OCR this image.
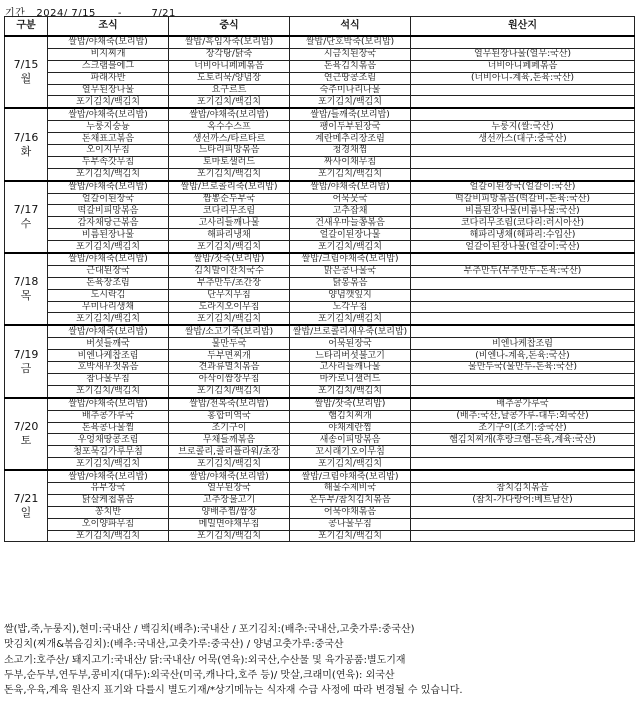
기간 2024/ 7/15 -	7/21
구분	조식	중식	석식	원산지

7/15
월	쌀밥/야채죽(보리밥)	쌀밥/흑임자죽(보리밥)	쌀밥/단호박죽(보리밥)	
	비지찌개	장각탕/닭죽	시금치된장국	열무된장나물(열무:국산)
	스크램블에그	너비아니페페볶음	돈육김치볶음	너비아니페페볶음
	파래자반	도토리묵/양념장	연근땅콩조림	(너비아니-계육,돈육:국산)
	열무된장나물	요구르트	숙주미나리나물	
	포기김치/백김치	포기김치/백김치	포기김치/백김치	

7/16
화	쌀밥/야채죽(보리밥)	쌀밥/야채죽(보리밥)	쌀밥/들깨죽(보리밥)	
	누룽지숭늉	옥수수스프	팽이두부된장국	누룽지(쌀:국산)
	돈채표고볶음	생선까스/타르타르	계란메추리장조림	생선까스(대구:중국산)
	오이지무침	느타리피망볶음	청경채찜	
	두부속갓무침	토마토샐러드	짜사이채무침	
	포기김치/백김치	포기김치/백김치	포기김치/백김치	

7/17
수	쌀밥/야채죽(보리밥)	쌀밥/브로콜리죽(보리밥)	쌀밥/야채죽(보리밥)	얼갈이된장국(얼갈이:국산)
	얼갈이된장국	짬뽕순두부국	어묵뭇국	떡갈비피망볶음(떡갈비-돈육:국산)
	떡갈비피망볶음	코다리무조림	고추잡채	비름된장나물(비름나물:국산)
	감자채당근볶음	고사리들깨나물	건새우마늘쫑볶음	코다리무조림(코다리:러시아산)
	비름된장나물	해파리냉채	얼갈이된장나물	해파리냉채(해파리:수입산)
	포기김치/백김치	포기김치/백김치	포기김치/백김치	얼갈이된장나물(얼갈이:국산)

7/18
목	쌀밥/야채죽(보리밥)	쌀밥/잣죽(보리밥)	쌀밥/크림야채죽(보리밥)	
	근대된장국	김치말이잔치국수	맑은콩나물국	부추만두(부추만두-돈육:국산)
	돈육장조림	부추만두/초간장	닭봉볶음	
	도시락김	단무지무침	양념깻잎지	
	무미나리생채	도라지오이무침	노각무침	
	포기김치/백김치	포기김치/백김치	포기김치/백김치	

7/19
금	쌀밥/야채죽(보리밥)	쌀밥/소고기죽(보리밥)	쌀밥/브로콜리새우죽(보리밥)	
	버섯들깨국	물만두국	어묵된장국	비엔나케찹조림
	비엔나케찹조림	두부면찌개	느타리버섯불고기	(비엔나-계육,돈육:국산)
	호박새우젓볶음	견과류멸치볶음	고사리들깨나물	물만두국(물만두-돈육:국산)
	참나물무침	아삭이쌈장무침	마카로니샐러드	
	포기김치/백김치	포기김치/백김치	포기김치/백김치	

7/20
토	쌀밥/야채죽(보리밥)	쌀밥/전복죽(보리밥)	쌀밥/잣죽(보리밥)	배추콩가루국
	배추콩가루국	홍합미역국	햄김치찌개	(배추:국산,날콩가루-대두:외국산)
	돈육콩나물찜	조기구이	야채계란찜	조기구이(조기:중국산)
	우엉채땅콩조림	무채들깨볶음	새송이피망볶음	햄김치찌개(후랑크햄-돈육,계육:국산)
	청포묵김가루무침	브로콜리,콜리플라워/초장	꼬시래기오이무침	
	포기김치/백김치	포기김치/백김치	포기김치/백김치	

7/21
일	쌀밥/야채죽(보리밥)	쌀밥/야채죽(보리밥)	쌀밥/크림야채죽(보리밥)	
	유부장국	열무된장국	해물수제비국	참치김치볶음
	닭살케첩볶음	고추장불고기	온두부/참치김치볶음	(참치-가다랑어:베트남산)
	꽁치반	양배추찜/쌈장	어묵야채볶음	
	오이양파무침	메밀면야채무침	콩나물무침	
	포기김치/백김치	포기김치/백김치	포기김치/백김치	
쌀(밥,죽,누룽지),현미:국내산 / 백김치(배추):국내산 / 포기김치:(배추:국내산,고춧가루:중국산)
맛김치(찌개&볶음김치):(배추:국내산,고춧가루:중국산) / 양념고춧가루:중국산
소고기:호주산/ 돼지고기:국내산/ 닭:국내산/ 어묵(연육):외국산,수산물 및 육가공품:별도기재
두부,순두부,연두부,콩비지(대두):외국산(미국,캐나다,호주 등)/ 맛살,크래미(연육): 외국산
돈육,우육,계육 원산지 표기와 다를시 별도기재/*상기메뉴는 식자재 수급 사정에 따라 변경될 수 있습니다.
